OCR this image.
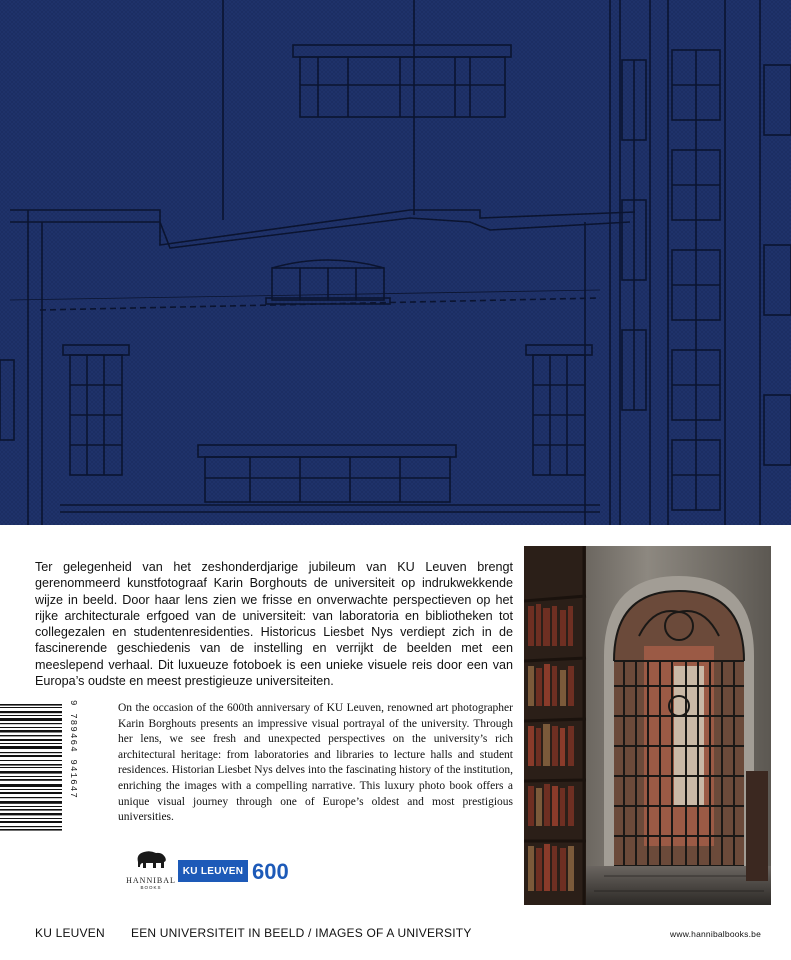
Ter gelegenheid van het zeshonderdjarige jubileum van KU Leuven brengt gerenommeerd kunstfotograaf Karin Borghouts de universiteit op indrukwekkende wijze in beeld. Door haar lens zien we frisse en onverwachte perspectieven op het rijke architecturale erfgoed van de universiteit: van laboratoria en bibliotheken tot collegezalen en studentenresidenties. Historicus Liesbet Nys verdiept zich in de fascinerende geschiedenis van de instelling en verrijkt de beelden met een meeslepend verhaal. Dit luxueuze fotoboek is een unieke visuele reis door een van Europa’s oudste en meest prestigieuze universiteiten.

On the occasion of the 600th anniversary of KU Leuven, renowned art photographer Karin Borghouts presents an impressive visual portrayal of the university. Through her lens, we see fresh and unexpected perspectives on the university’s rich architectural heritage: from laboratories and libraries to lecture halls and student residences. Historian Liesbet Nys delves into the fascinating history of the institution, enriching the images with a compelling narrative. This luxury photo book offers a unique visual journey through one of Europe’s oldest and most prestigious universities.

9 789464 941647
HANNIBAL
BOOKS
KU LEUVEN 600
KU LEUVEN EEN UNIVERSITEIT IN BEELD / IMAGES OF A UNIVERSITY	www.hannibalbooks.be
